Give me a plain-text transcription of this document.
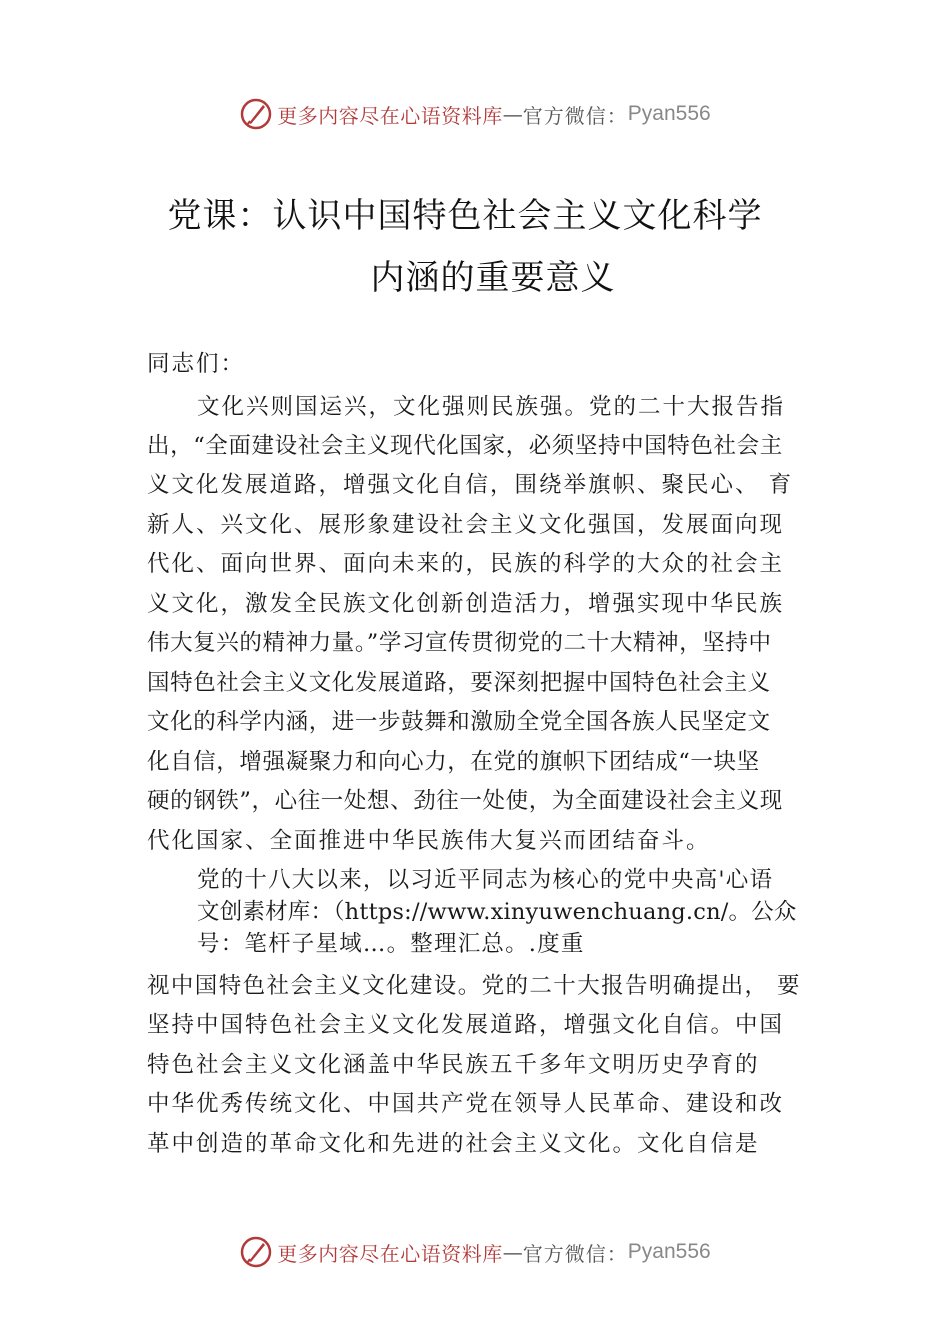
更多内容尽在心语资料库 — 官方微信： Pyan556
党课：认识中国特色社会主义文化科学
内涵的重要意义
同志们：
文化兴则国运兴，文化强则民族强。党的二十大报告指
出，“全面建设社会主义现代化国家，必须坚持中国特色社会主
义文化发展道路，增强文化自信，围绕举旗帜、聚民心、 育
新人、兴文化、展形象建设社会主义文化强国，发展面向现
代化、面向世界、面向未来的，民族的科学的大众的社会主
义文化，激发全民族文化创新创造活力，增强实现中华民族
伟大复兴的精神力量。”学习宣传贯彻党的二十大精神，坚持中
国特色社会主义文化发展道路，要深刻把握中国特色社会主义
文化的科学内涵，进一步鼓舞和激励全党全国各族人民坚定文
化自信，增强凝聚力和向心力，在党的旗帜下团结成“一块坚
硬的钢铁”，心往一处想、劲往一处使，为全面建设社会主义现
代化国家、全面推进中华民族伟大复兴而团结奋斗。
党的十八大以来，以习近平同志为核心的党中央高'心语
文创素材库：（https://www.xinyuwenchuang.cn/。公众
号：笔杆子星域…。整理汇总。.度重
视中国特色社会主义文化建设。党的二十大报告明确提出， 要
坚持中国特色社会主义文化发展道路，增强文化自信。中国
特色社会主义文化涵盖中华民族五千多年文明历史孕育的
中华优秀传统文化、中国共产党在领导人民革命、建设和改
革中创造的革命文化和先进的社会主义文化。文化自信是
更多内容尽在心语资料库 — 官方微信： Pyan556
